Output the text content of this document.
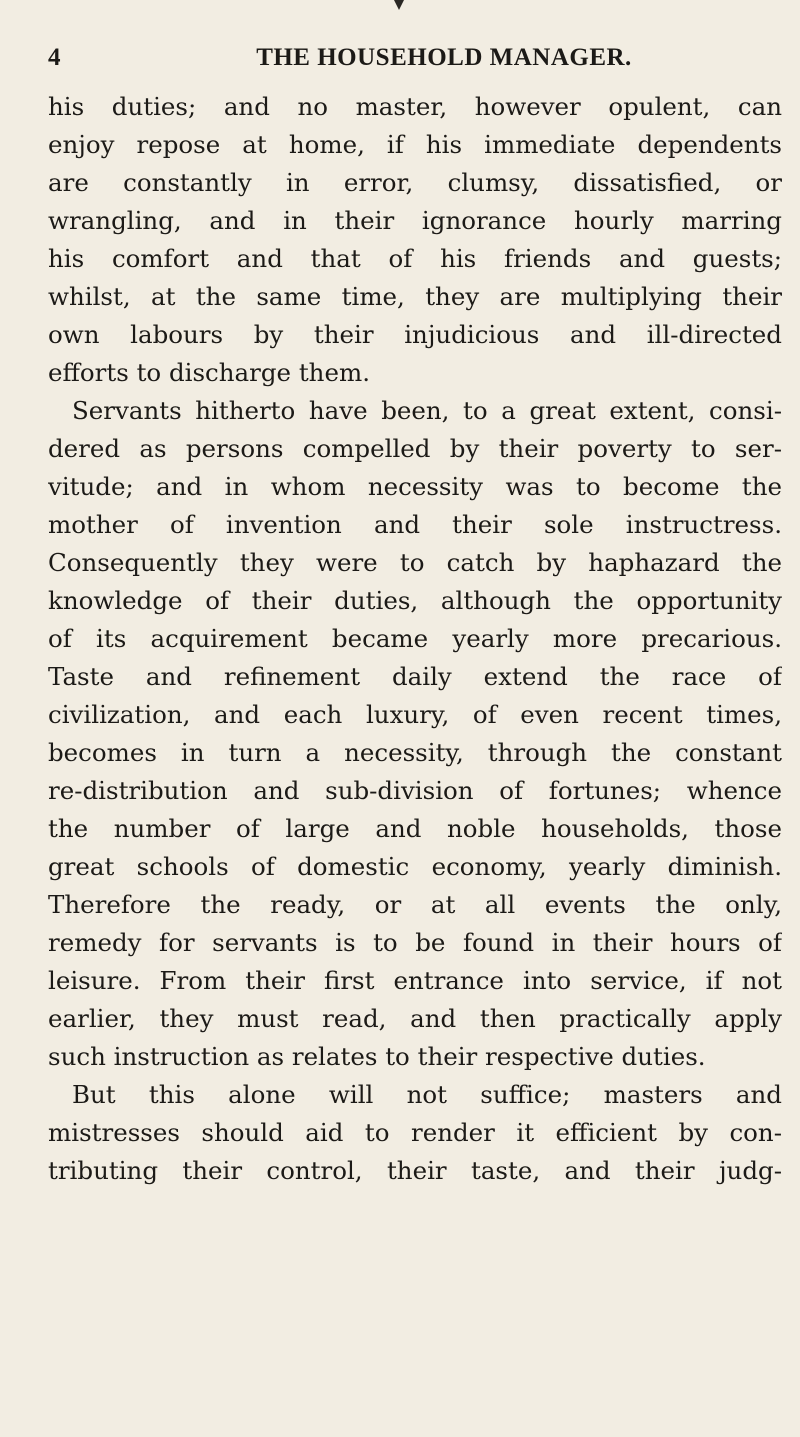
4	THE HOUSEHOLD MANAGER.
his duties; and no master, however opulent, can
enjoy repose at home, if his immediate dependents
are constantly in error, clumsy, dissatisfied, or
wrangling, and in their ignorance hourly marring
his comfort and that of his friends and guests;
whilst, at the same time, they are multiplying their
own labours by their injudicious and ill-directed
efforts to discharge them.
Servants hitherto have been, to a great extent, consi-
dered as persons compelled by their poverty to ser-
vitude; and in whom necessity was to become the
mother of invention and their sole instructress.
Consequently they were to catch by haphazard the
knowledge of their duties, although the opportunity
of its acquirement became yearly more precarious.
Taste and refinement daily extend the race of
civilization, and each luxury, of even recent times,
becomes in turn a necessity, through the constant
re-distribution and sub-division of fortunes; whence
the number of large and noble households, those
great schools of domestic economy, yearly diminish.
Therefore the ready, or at all events the only,
remedy for servants is to be found in their hours of
leisure. From their first entrance into service, if not
earlier, they must read, and then practically apply
such instruction as relates to their respective duties.
But this alone will not suffice; masters and
mistresses should aid to render it efficient by con-
tributing their control, their taste, and their judg-
